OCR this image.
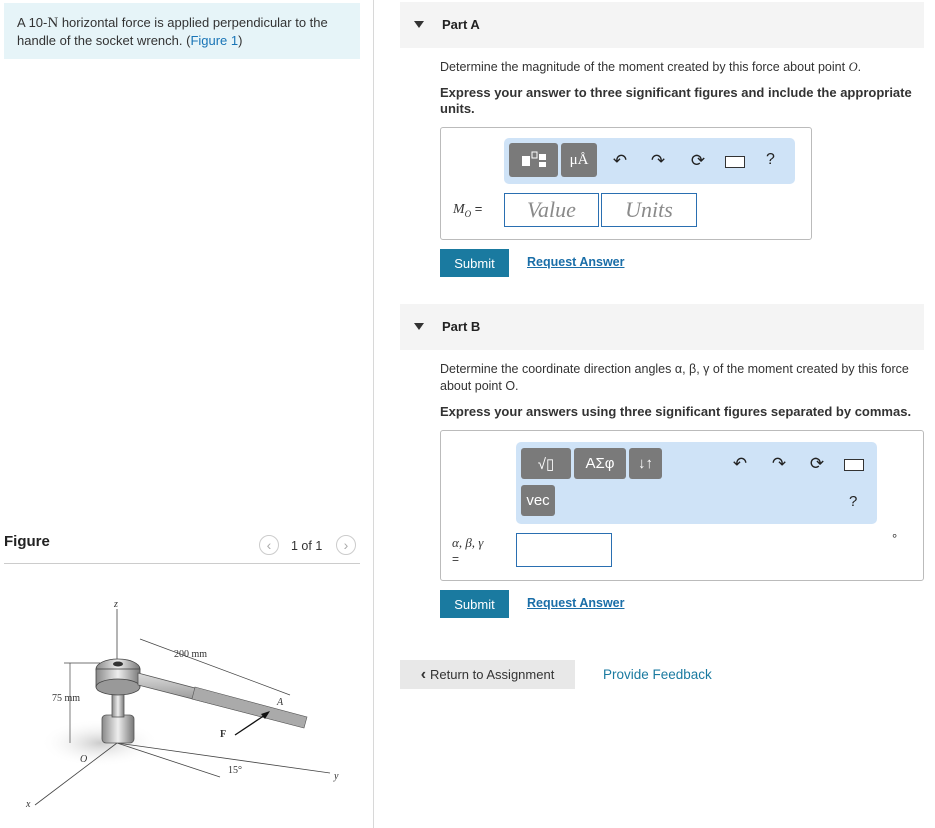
A 10-N horizontal force is applied perpendicular to the handle of the socket wrench. (Figure 1)
Figure	‹ 1 of 1 ›
z
200 mm
75 mm	A
F
O
15°
y
x
Part A
Determine the magnitude of the moment created by this force about point O.
Express your answer to three significant figures and include the appropriate units.
μÅ	↶ ↷ ⟳	?
$M_O$ =	Value	Units
Submit	Request Answer
Part B
Determine the coordinate direction angles α, β, γ of the moment created by this force about point O.
Express your answers using three significant figures separated by commas.
√▯	ΑΣφ	↓↑
vec
↶ ↷ ⟳
?
α, β, γ
=
°
Submit	Request Answer
‹ Return to Assignment	Provide Feedback
